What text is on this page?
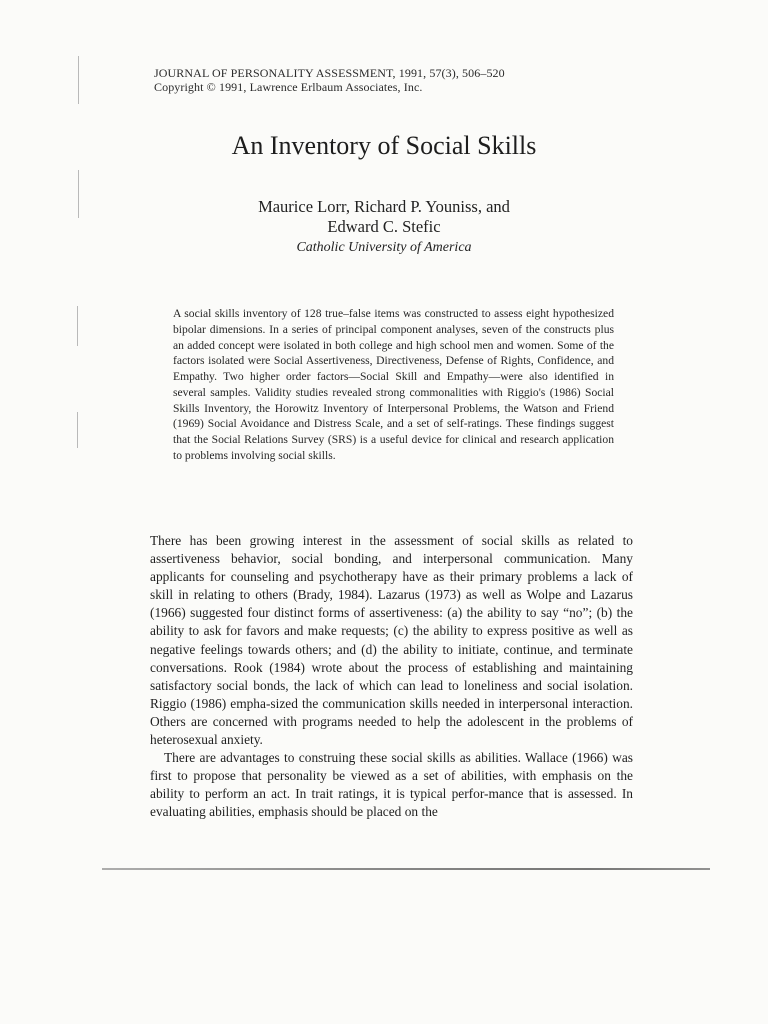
JOURNAL OF PERSONALITY ASSESSMENT, 1991, 57(3), 506–520
Copyright © 1991, Lawrence Erlbaum Associates, Inc.
An Inventory of Social Skills
Maurice Lorr, Richard P. Youniss, and
Edward C. Stefic
Catholic University of America

A social skills inventory of 128 true–false items was constructed to assess eight hypothesized bipolar dimensions. In a series of principal component analyses, seven of the constructs plus an added concept were isolated in both college and high school men and women. Some of the factors isolated were Social Assertiveness, Directiveness, Defense of Rights, Confidence, and Empathy. Two higher order factors—Social Skill and Empathy—were also identified in several samples. Validity studies revealed strong commonalities with Riggio's (1986) Social Skills Inventory, the Horowitz Inventory of Interpersonal Problems, the Watson and Friend (1969) Social Avoidance and Distress Scale, and a set of self-ratings. These findings suggest that the Social Relations Survey (SRS) is a useful device for clinical and research application to problems involving social skills.

There has been growing interest in the assessment of social skills as related to assertiveness behavior, social bonding, and interpersonal communication. Many applicants for counseling and psychotherapy have as their primary problems a lack of skill in relating to others (Brady, 1984). Lazarus (1973) as well as Wolpe and Lazarus (1966) suggested four distinct forms of assertiveness: (a) the ability to say “no”; (b) the ability to ask for favors and make requests; (c) the ability to express positive as well as negative feelings towards others; and (d) the ability to initiate, continue, and terminate conversations. Rook (1984) wrote about the process of establishing and maintaining satisfactory social bonds, the lack of which can lead to loneliness and social isolation. Riggio (1986) empha-sized the communication skills needed in interpersonal interaction. Others are concerned with programs needed to help the adolescent in the problems of heterosexual anxiety.

There are advantages to construing these social skills as abilities. Wallace (1966) was first to propose that personality be viewed as a set of abilities, with emphasis on the ability to perform an act. In trait ratings, it is typical perfor-mance that is assessed. In evaluating abilities, emphasis should be placed on the
